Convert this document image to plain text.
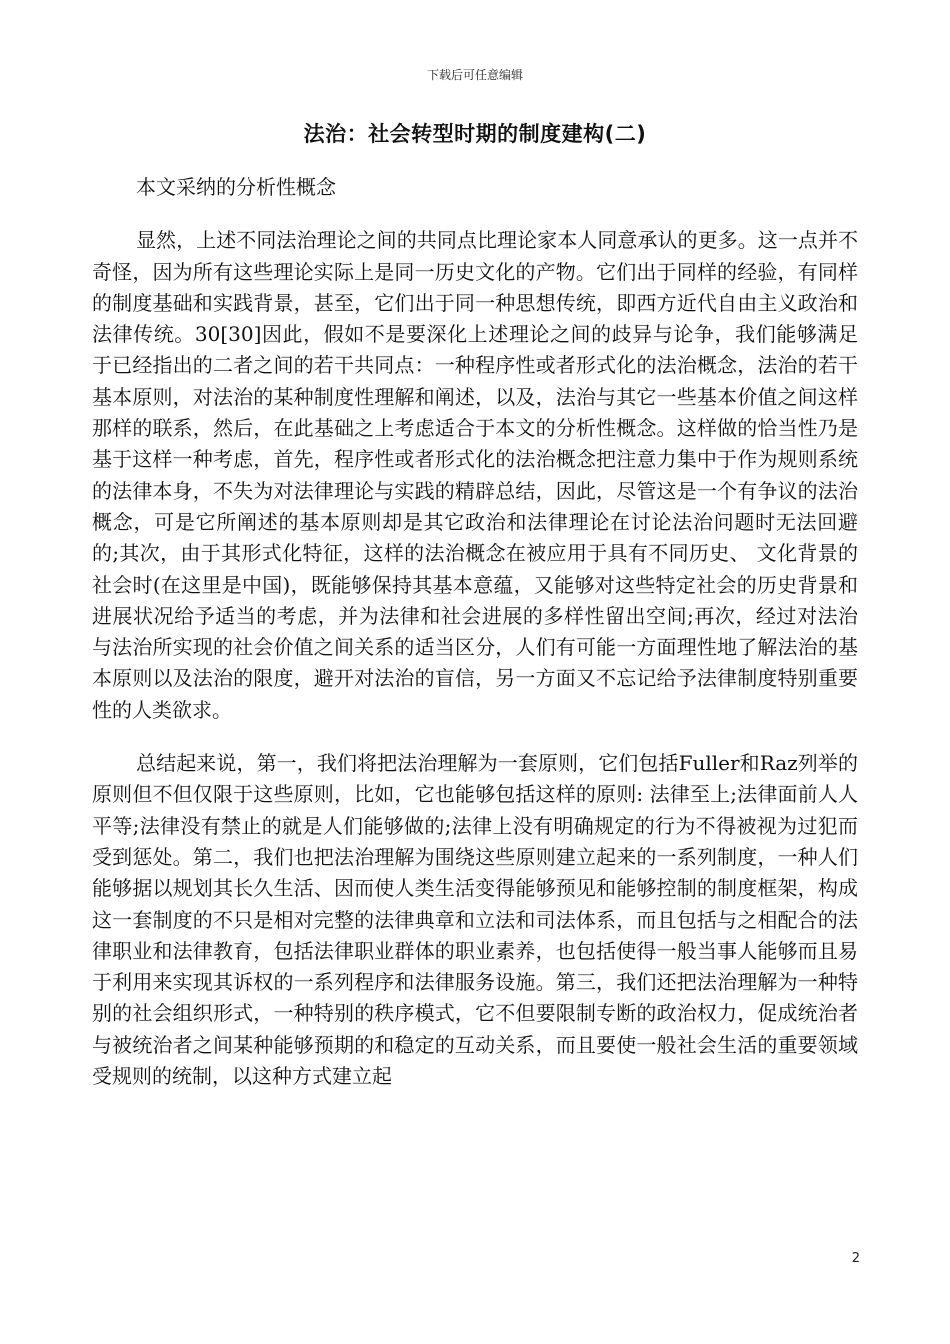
下载后可任意编辑
法治：社会转型时期的制度建构(二)

本文采纳的分析性概念

显然，上述不同法治理论之间的共同点比理论家本人同意承认的更多。这一点并不奇怪，因为所有这些理论实际上是同一历史文化的产物。它们出于同样的经验，有同样的制度基础和实践背景，甚至，它们出于同一种思想传统，即西方近代自由主义政治和法律传统。30[30]因此，假如不是要深化上述理论之间的歧异与论争，我们能够满足于已经指出的二者之间的若干共同点：一种程序性或者形式化的法治概念，法治的若干基本原则，对法治的某种制度性理解和阐述，以及，法治与其它一些基本价值之间这样那样的联系，然后，在此基础之上考虑适合于本文的分析性概念。这样做的恰当性乃是基于这样一种考虑，首先，程序性或者形式化的法治概念把注意力集中于作为规则系统的法律本身，不失为对法律理论与实践的精辟总结，因此，尽管这是一个有争议的法治概念，可是它所阐述的基本原则却是其它政治和法律理论在讨论法治问题时无法回避的;其次，由于其形式化特征，这样的法治概念在被应用于具有不同历史、 文化背景的社会时(在这里是中国)，既能够保持其基本意蕴，又能够对这些特定社会的历史背景和进展状况给予适当的考虑，并为法律和社会进展的多样性留出空间;再次，经过对法治与法治所实现的社会价值之间关系的适当区分，人们有可能一方面理性地了解法治的基本原则以及法治的限度，避开对法治的盲信，另一方面又不忘记给予法律制度特别重要性的人类欲求。

总结起来说，第一，我们将把法治理解为一套原则，它们包括Fuller和Raz列举的原则但不但仅限于这些原则，比如，它也能够包括这样的原则: 法律至上;法律面前人人平等;法律没有禁止的就是人们能够做的;法律上没有明确规定的行为不得被视为过犯而受到惩处。第二，我们也把法治理解为围绕这些原则建立起来的一系列制度，一种人们能够据以规划其长久生活、因而使人类生活变得能够预见和能够控制的制度框架，构成这一套制度的不只是相对完整的法律典章和立法和司法体系，而且包括与之相配合的法律职业和法律教育，包括法律职业群体的职业素养，也包括使得一般当事人能够而且易于利用来实现其诉权的一系列程序和法律服务设施。第三，我们还把法治理解为一种特别的社会组织形式，一种特别的秩序模式，它不但要限制专断的政治权力，促成统治者与被统治者之间某种能够预期的和稳定的互动关系，而且要使一般社会生活的重要领域受规则的统制，以这种方式建立起

2
